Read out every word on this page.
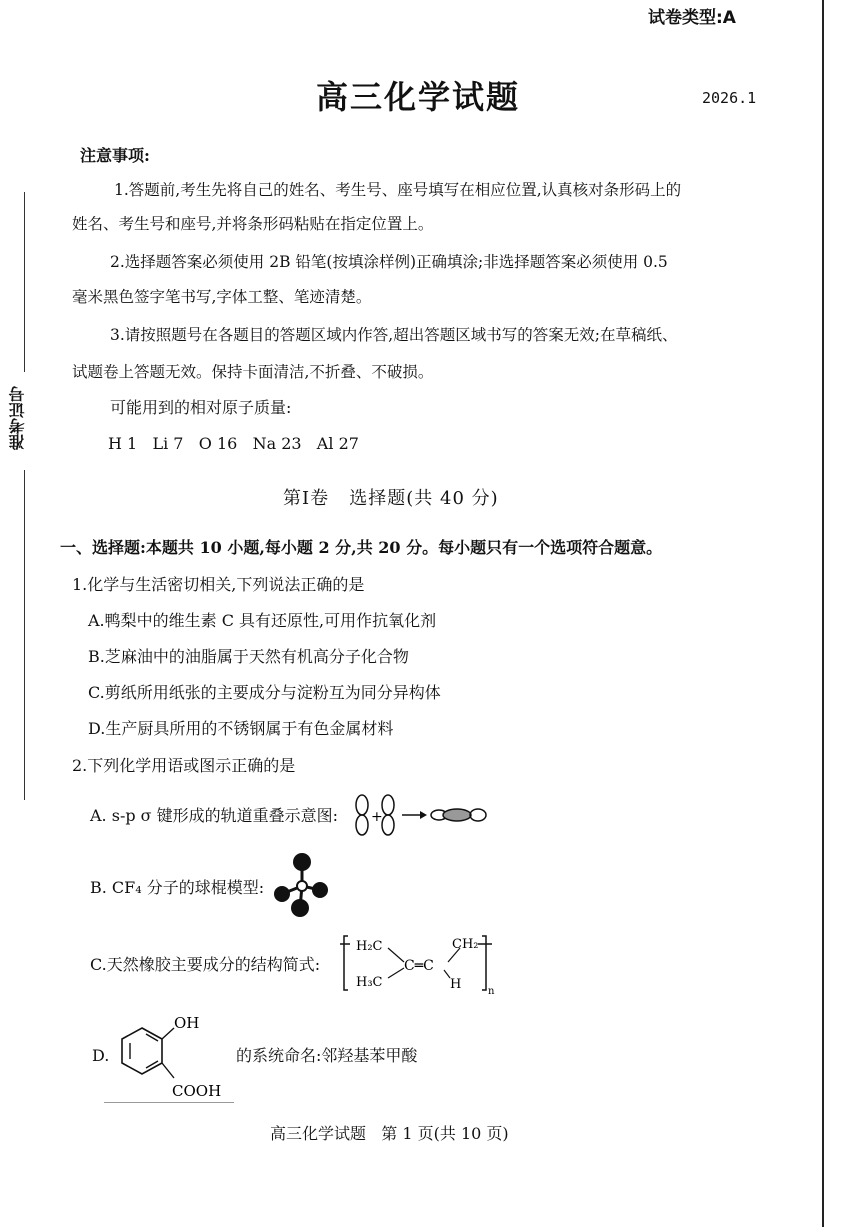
准考证号
试卷类型:A
高三化学试题	2026.1
注意事项:
1.答题前,考生先将自己的姓名、考生号、座号填写在相应位置,认真核对条形码上的
姓名、考生号和座号,并将条形码粘贴在指定位置上。
2.选择题答案必须使用 2B 铅笔(按填涂样例)正确填涂;非选择题答案必须使用 0.5
毫米黑色签字笔书写,字体工整、笔迹清楚。
3.请按照题号在各题目的答题区域内作答,超出答题区域书写的答案无效;在草稿纸、
试题卷上答题无效。保持卡面清洁,不折叠、不破损。
可能用到的相对原子质量:
H 1   Li 7   O 16   Na 23   Al 27
第Ⅰ卷   选择题(共 40 分)
一、选择题:本题共 10 小题,每小题 2 分,共 20 分。每小题只有一个选项符合题意。
1.化学与生活密切相关,下列说法正确的是
A.鸭梨中的维生素 C 具有还原性,可用作抗氧化剂
B.芝麻油中的油脂属于天然有机高分子化合物
C.剪纸所用纸张的主要成分与淀粉互为同分异构体
D.生产厨具所用的不锈钢属于有色金属材料
2.下列化学用语或图示正确的是
A. s-p σ 键形成的轨道重叠示意图: +
B. CF₄ 分子的球棍模型:
C.天然橡胶主要成分的结构简式:
H₂C
H₃C
C═C
CH₂
H	n
D.
OH
COOH
的系统命名:邻羟基苯甲酸
高三化学试题   第 1 页(共 10 页)
